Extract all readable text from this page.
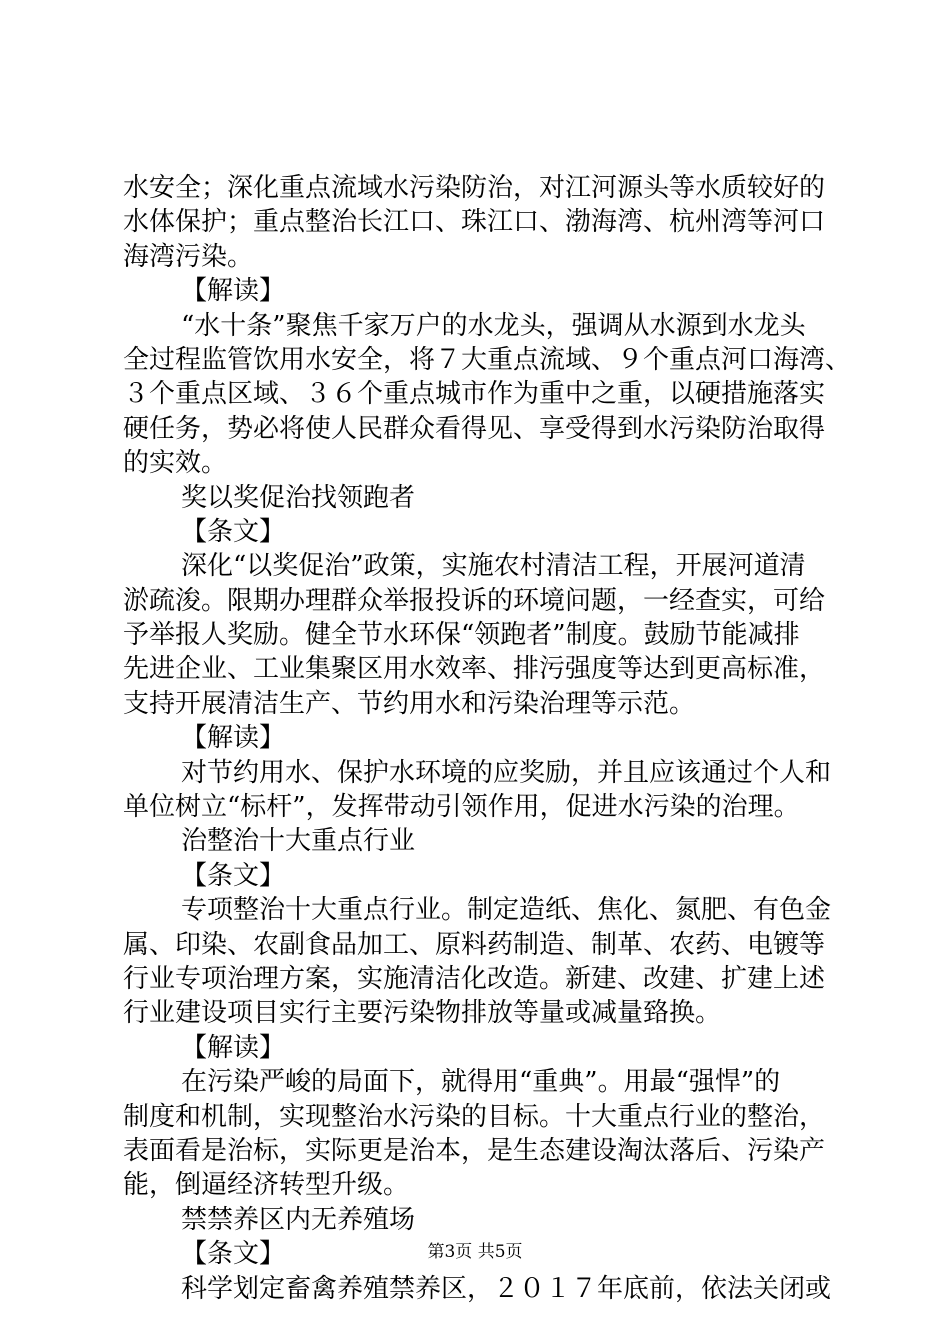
水安全；深化重点流域水污染防治，对江河源头等水质较好的
水体保护；重点整治长江口、珠江口、渤海湾、杭州湾等河口
海湾污染。
【解读】
“水十条”聚焦千家万户的水龙头，强调从水源到水龙头
全过程监管饮用水安全，将７大重点流域、９个重点河口海湾、
３个重点区域、３６个重点城市作为重中之重，以硬措施落实
硬任务，势必将使人民群众看得见、享受得到水污染防治取得
的实效。
奖以奖促治找领跑者
【条文】
深化“以奖促治”政策，实施农村清洁工程，开展河道清
淤疏浚。限期办理群众举报投诉的环境问题，一经查实，可给
予举报人奖励。健全节水环保“领跑者”制度。鼓励节能减排
先进企业、工业集聚区用水效率、排污强度等达到更高标准，
支持开展清洁生产、节约用水和污染治理等示范。
【解读】
对节约用水、保护水环境的应奖励，并且应该通过个人和
单位树立“标杆”，发挥带动引领作用，促进水污染的治理。
治整治十大重点行业
【条文】
专项整治十大重点行业。制定造纸、焦化、氮肥、有色金
属、印染、农副食品加工、原料药制造、制革、农药、电镀等
行业专项治理方案，实施清洁化改造。新建、改建、扩建上述
行业建设项目实行主要污染物排放等量或减量臵换。
【解读】
在污染严峻的局面下，就得用“重典”。用最“强悍”的
制度和机制，实现整治水污染的目标。十大重点行业的整治，
表面看是治标，实际更是治本，是生态建设淘汰落后、污染产
能，倒逼经济转型升级。
禁禁养区内无养殖场
【条文】
科学划定畜禽养殖禁养区，２０１７年底前，依法关闭或
第3页 共5页
